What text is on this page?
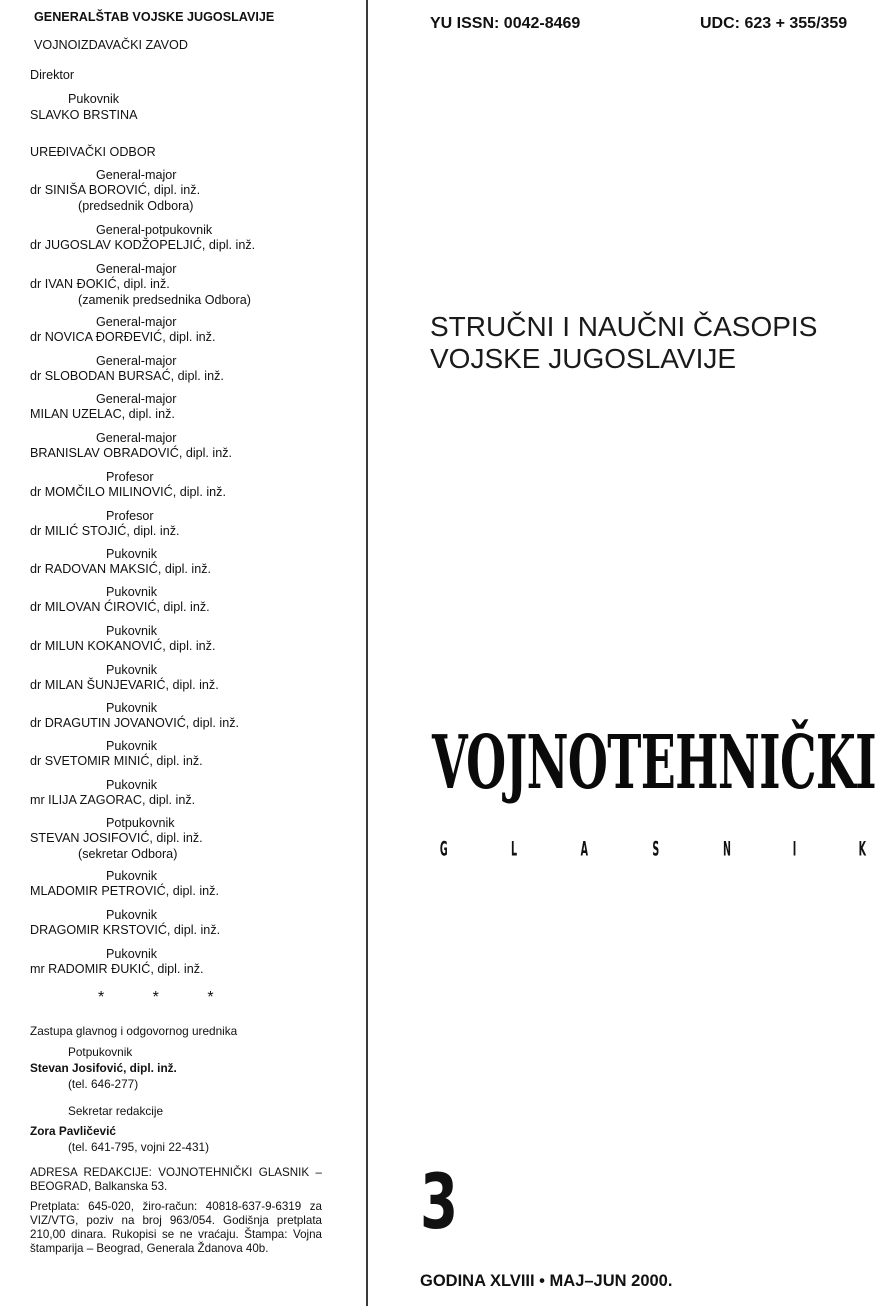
GENERALŠTAB VOJSKE JUGOSLAVIJE
VOJNOIZDAVAČKI ZAVOD
Direktor
Pukovnik
SLAVKO BRSTINA
UREĐIVAČKI ODBOR
General-major
dr SINIŠA BOROVIĆ, dipl. inž.
(predsednik Odbora)
General-potpukovnik
dr JUGOSLAV KODŽOPELJIĆ, dipl. inž.
General-major
dr IVAN ĐOKIĆ, dipl. inž.
(zamenik predsednika Odbora)
General-major
dr NOVICA ĐORĐEVIĆ, dipl. inž.
General-major
dr SLOBODAN BURSAĆ, dipl. inž.
General-major
MILAN UZELAC, dipl. inž.
General-major
BRANISLAV OBRADOVIĆ, dipl. inž.
Profesor
dr MOMČILO MILINOVIĆ, dipl. inž.
Profesor
dr MILIĆ STOJIĆ, dipl. inž.
Pukovnik
dr RADOVAN MAKSIĆ, dipl. inž.
Pukovnik
dr MILOVAN ĆIROVIĆ, dipl. inž.
Pukovnik
dr MILUN KOKANOVIĆ, dipl. inž.
Pukovnik
dr MILAN ŠUNJEVARIĆ, dipl. inž.
Pukovnik
dr DRAGUTIN JOVANOVIĆ, dipl. inž.
Pukovnik
dr SVETOMIR MINIĆ, dipl. inž.
Pukovnik
mr ILIJA ZAGORAC, dipl. inž.
Potpukovnik
STEVAN JOSIFOVIĆ, dipl. inž.
(sekretar Odbora)
Pukovnik
MLADOMIR PETROVIĆ, dipl. inž.
Pukovnik
DRAGOMIR KRSTOVIĆ, dipl. inž.
Pukovnik
mr RADOMIR ĐUKIĆ, dipl. inž.
* * *
Zastupa glavnog i odgovornog urednika
Potpukovnik
Stevan Josifović, dipl. inž.
(tel. 646-277)
Sekretar redakcije
Zora Pavličević
(tel. 641-795, vojni 22-431)
ADRESA REDAKCIJE: VOJNOTEHNIČKI GLASNIK – BEOGRAD, Balkanska 53.
Pretplata: 645-020, žiro-račun: 40818-637-9-6319 za VIZ/VTG, poziv na broj 963/054. Godišnja pretplata 210,00 dinara. Rukopisi se ne vraćaju. Štampa: Vojna štamparija – Beograd, Generala Ždanova 40b.
YU ISSN: 0042-8469	UDC: 623 + 355/359
STRUČNI I NAUČNI ČASOPIS
VOJSKE JUGOSLAVIJE
VOJNOTEHNIČKI
G	L	A	S	N	I	K
3
GODINA XLVIII • MAJ–JUN 2000.
